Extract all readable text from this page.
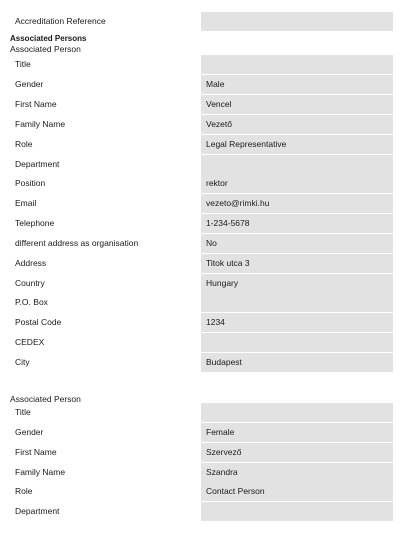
Accreditation Reference
Associated Persons
Associated Person
Title
Gender	Male
First Name	Vencel
Family Name	Vezető
Role	Legal Representative
Department
Position	rektor
Email	vezeto@rimki.hu
Telephone	1-234-5678
different address as organisation	No
Address	Titok utca 3
Country	Hungary
P.O. Box
Postal Code	1234
CEDEX
City	Budapest
Associated Person
Title
Gender	Female
First Name	Szervező
Family Name	Szandra
Role	Contact Person
Department
